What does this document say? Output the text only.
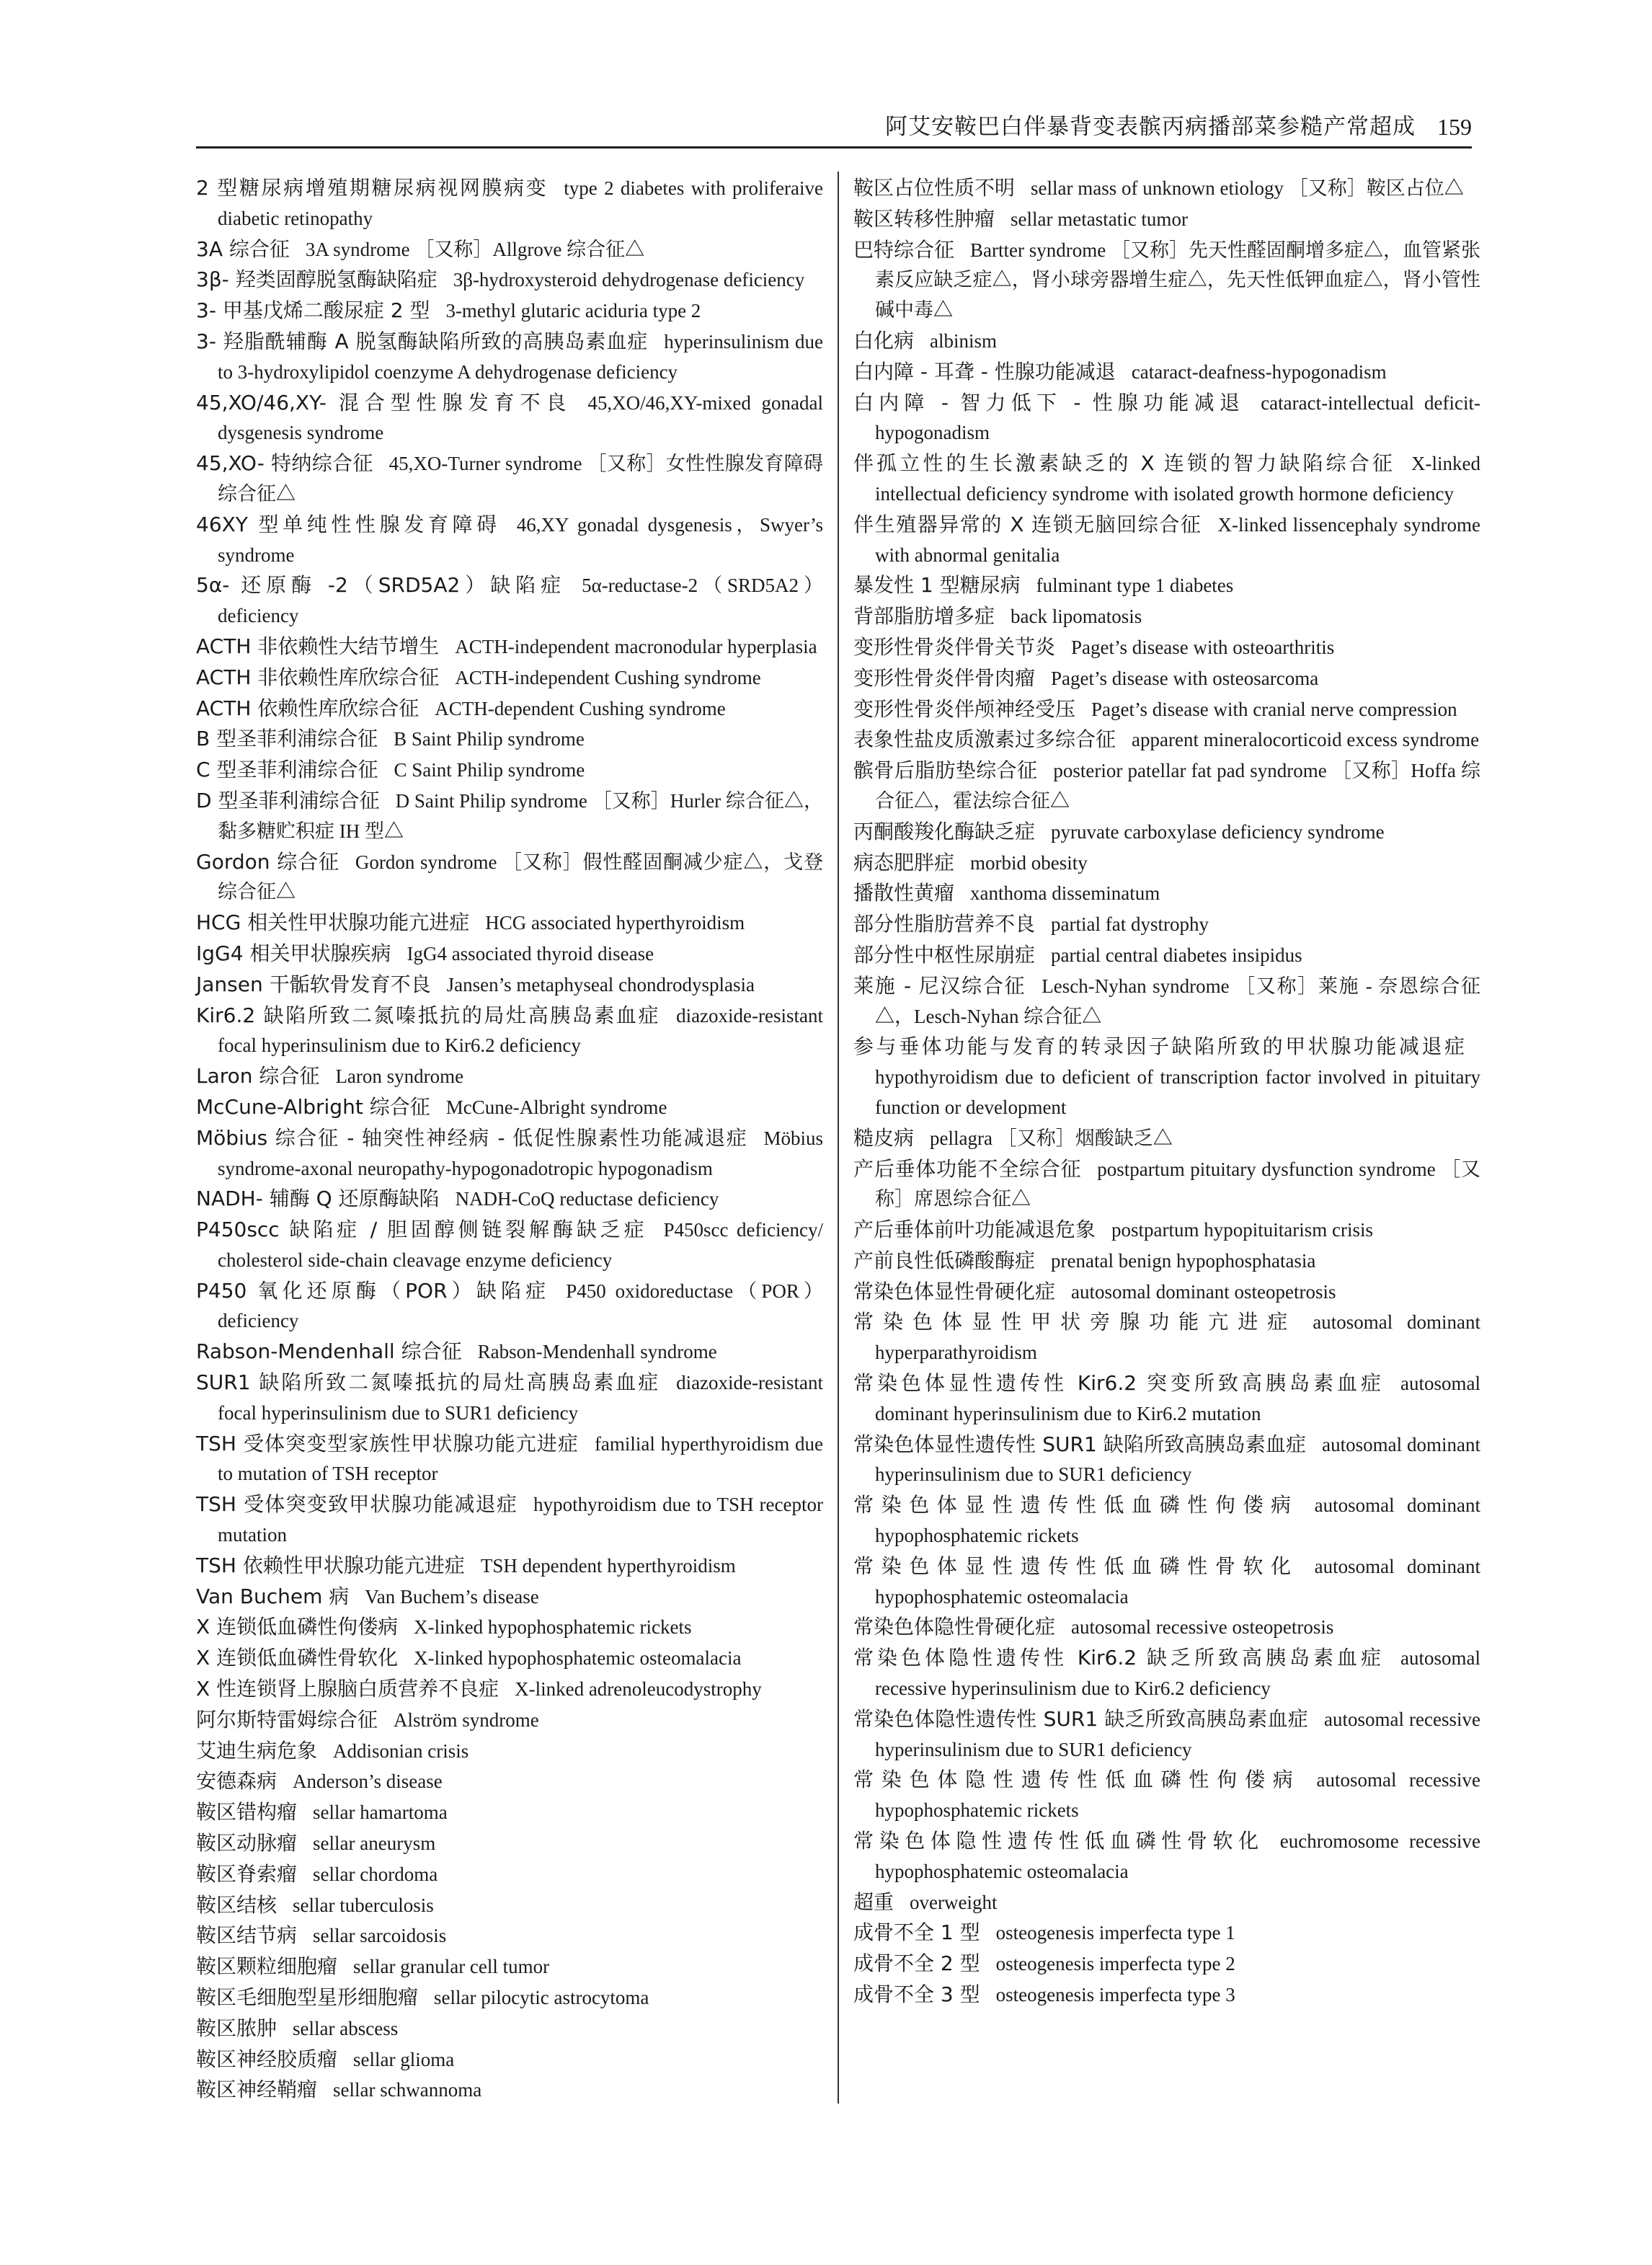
阿艾安鞍巴白伴暴背变表髌丙病播部菜参糙产常超成 159
2 型糖尿病增殖期糖尿病视网膜病变 type 2 diabetes with proliferaive diabetic retinopathy
3A 综合征 3A syndrome ［又称］Allgrove 综合征△
3β- 羟类固醇脱氢酶缺陷症 3β-hydroxysteroid dehydrogenase deficiency
3- 甲基戊烯二酸尿症 2 型 3-methyl glutaric aciduria type 2
3- 羟脂酰辅酶 A 脱氢酶缺陷所致的高胰岛素血症 hyperinsulinism due to 3-hydroxylipidol coenzyme A dehydrogenase deficiency
45,XO/46,XY- 混合型性腺发育不良 45,XO/46,XY-mixed gonadal dysgenesis syndrome
45,XO- 特纳综合征 45,XO-Turner syndrome ［又称］女性性腺发育障碍综合征△
46XY 型单纯性性腺发育障碍 46,XY gonadal dysgenesis，Swyer’s syndrome
5α- 还原酶 -2（SRD5A2）缺陷症 5α-reductase-2（SRD5A2）deficiency
ACTH 非依赖性大结节增生 ACTH-independent macronodular hyperplasia
ACTH 非依赖性库欣综合征 ACTH-independent Cushing syndrome
ACTH 依赖性库欣综合征 ACTH-dependent Cushing syndrome
B 型圣菲利浦综合征 B Saint Philip syndrome
C 型圣菲利浦综合征 C Saint Philip syndrome
D 型圣菲利浦综合征 D Saint Philip syndrome ［又称］Hurler 综合征△，黏多糖贮积症 IH 型△
Gordon 综合征 Gordon syndrome ［又称］假性醛固酮减少症△，戈登综合征△
HCG 相关性甲状腺功能亢进症 HCG associated hyperthyroidism
IgG4 相关甲状腺疾病 IgG4 associated thyroid disease
Jansen 干骺软骨发育不良 Jansen’s metaphyseal chondrodysplasia
Kir6.2 缺陷所致二氮嗪抵抗的局灶高胰岛素血症 diazoxide-resistant focal hyperinsulinism due to Kir6.2 deficiency
Laron 综合征 Laron syndrome
McCune-Albright 综合征 McCune-Albright syndrome
Möbius 综合征 - 轴突性神经病 - 低促性腺素性功能减退症 Möbius syndrome-axonal neuropathy-hypogonadotropic hypogonadism
NADH- 辅酶 Q 还原酶缺陷 NADH-CoQ reductase deficiency
P450scc 缺陷症 / 胆固醇侧链裂解酶缺乏症 P450scc deficiency/ cholesterol side-chain cleavage enzyme deficiency
P450 氧化还原酶（POR）缺陷症 P450 oxidoreductase（POR）deficiency
Rabson-Mendenhall 综合征 Rabson-Mendenhall syndrome
SUR1 缺陷所致二氮嗪抵抗的局灶高胰岛素血症 diazoxide-resistant focal hyperinsulinism due to SUR1 deficiency
TSH 受体突变型家族性甲状腺功能亢进症 familial hyperthyroidism due to mutation of TSH receptor
TSH 受体突变致甲状腺功能减退症 hypothyroidism due to TSH receptor mutation
TSH 依赖性甲状腺功能亢进症 TSH dependent hyperthyroidism
Van Buchem 病 Van Buchem’s disease
X 连锁低血磷性佝偻病 X-linked hypophosphatemic rickets
X 连锁低血磷性骨软化 X-linked hypophosphatemic osteomalacia
X 性连锁肾上腺脑白质营养不良症 X-linked adrenoleucodystrophy
阿尔斯特雷姆综合征 Alström syndrome
艾迪生病危象 Addisonian crisis
安德森病 Anderson’s disease
鞍区错构瘤 sellar hamartoma
鞍区动脉瘤 sellar aneurysm
鞍区脊索瘤 sellar chordoma
鞍区结核 sellar tuberculosis
鞍区结节病 sellar sarcoidosis
鞍区颗粒细胞瘤 sellar granular cell tumor
鞍区毛细胞型星形细胞瘤 sellar pilocytic astrocytoma
鞍区脓肿 sellar abscess
鞍区神经胶质瘤 sellar glioma
鞍区神经鞘瘤 sellar schwannoma
鞍区占位性质不明 sellar mass of unknown etiology ［又称］鞍区占位△
鞍区转移性肿瘤 sellar metastatic tumor
巴特综合征 Bartter syndrome ［又称］先天性醛固酮增多症△，血管紧张素反应缺乏症△，肾小球旁器增生症△，先天性低钾血症△，肾小管性碱中毒△
白化病 albinism
白内障 - 耳聋 - 性腺功能减退 cataract-deafness-hypogonadism
白内障 - 智力低下 - 性腺功能减退 cataract-intellectual deficit-hypogonadism
伴孤立性的生长激素缺乏的 X 连锁的智力缺陷综合征 X-linked intellectual deficiency syndrome with isolated growth hormone deficiency
伴生殖器异常的 X 连锁无脑回综合征 X-linked lissencephaly syndrome with abnormal genitalia
暴发性 1 型糖尿病 fulminant type 1 diabetes
背部脂肪增多症 back lipomatosis
变形性骨炎伴骨关节炎 Paget’s disease with osteoarthritis
变形性骨炎伴骨肉瘤 Paget’s disease with osteosarcoma
变形性骨炎伴颅神经受压 Paget’s disease with cranial nerve compression
表象性盐皮质激素过多综合征 apparent mineralocorticoid excess syndrome
髌骨后脂肪垫综合征 posterior patellar fat pad syndrome ［又称］Hoffa 综合征△，霍法综合征△
丙酮酸羧化酶缺乏症 pyruvate carboxylase deficiency syndrome
病态肥胖症 morbid obesity
播散性黄瘤 xanthoma disseminatum
部分性脂肪营养不良 partial fat dystrophy
部分性中枢性尿崩症 partial central diabetes insipidus
莱施 - 尼汉综合征 Lesch-Nyhan syndrome ［又称］莱施 - 奈恩综合征△，Lesch-Nyhan 综合征△
参与垂体功能与发育的转录因子缺陷所致的甲状腺功能减退症hypothyroidism due to deficient of transcription factor involved in pituitary function or development
糙皮病 pellagra ［又称］烟酸缺乏△
产后垂体功能不全综合征 postpartum pituitary dysfunction syndrome ［又称］席恩综合征△
产后垂体前叶功能减退危象 postpartum hypopituitarism crisis
产前良性低磷酸酶症 prenatal benign hypophosphatasia
常染色体显性骨硬化症 autosomal dominant osteopetrosis
常染色体显性甲状旁腺功能亢进症 autosomal dominant hyperparathyroidism
常染色体显性遗传性 Kir6.2 突变所致高胰岛素血症 autosomal dominant hyperinsulinism due to Kir6.2 mutation
常染色体显性遗传性 SUR1 缺陷所致高胰岛素血症 autosomal dominant hyperinsulinism due to SUR1 deficiency
常染色体显性遗传性低血磷性佝偻病 autosomal dominant hypophosphatemic rickets
常染色体显性遗传性低血磷性骨软化 autosomal dominant hypophosphatemic osteomalacia
常染色体隐性骨硬化症 autosomal recessive osteopetrosis
常染色体隐性遗传性 Kir6.2 缺乏所致高胰岛素血症 autosomal recessive hyperinsulinism due to Kir6.2 deficiency
常染色体隐性遗传性 SUR1 缺乏所致高胰岛素血症 autosomal recessive hyperinsulinism due to SUR1 deficiency
常染色体隐性遗传性低血磷性佝偻病 autosomal recessive hypophosphatemic rickets
常染色体隐性遗传性低血磷性骨软化 euchromosome recessive hypophosphatemic osteomalacia
超重 overweight
成骨不全 1 型 osteogenesis imperfecta type 1
成骨不全 2 型 osteogenesis imperfecta type 2
成骨不全 3 型 osteogenesis imperfecta type 3
